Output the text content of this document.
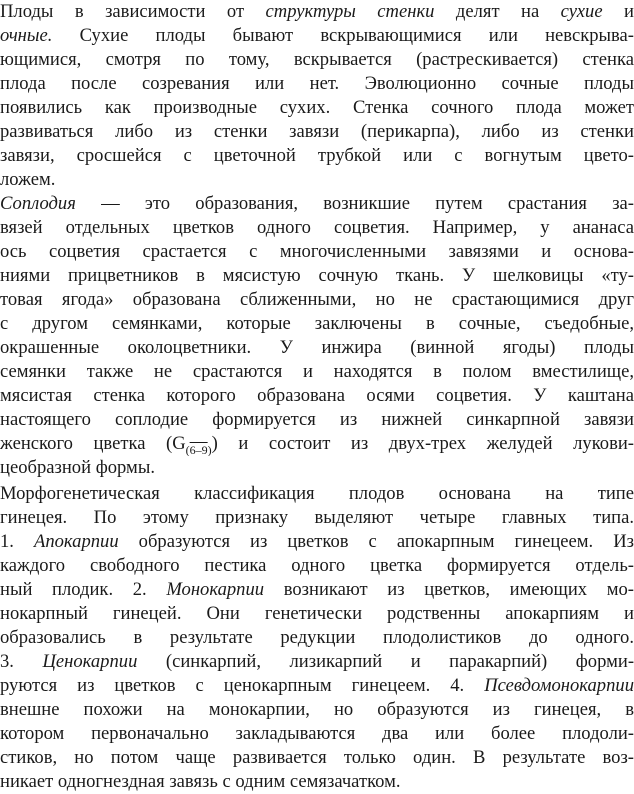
Плоды в зависимости от структуры стенки делят на сухие и
очные. Сухие плоды бывают вскрывающимися или невскрыва-
ющимися, смотря по тому, вскрывается (растрескивается) стенка
плода после созревания или нет. Эволюционно сочные плоды
появились как производные сухих. Стенка сочного плода может
развиваться либо из стенки завязи (перикарпа), либо из стенки
завязи, сросшейся с цветочной трубкой или с вогнутым цвето-
ложем.
Соплодия — это образования, возникшие путем срастания за-
вязей отдельных цветков одного соцветия. Например, у ананаса
ось соцветия срастается с многочисленными завязями и основа-
ниями прицветников в мясистую сочную ткань. У шелковицы «ту-
товая ягода» образована сближенными, но не срастающимися друг
с другом семянками, которые заключены в сочные, съедобные,
окрашенные околоцветники. У инжира (винной ягоды) плоды
семянки также не срастаются и находятся в полом вместилище,
мясистая стенка которого образована осями соцветия. У каштана
настоящего соплодие формируется из нижней синкарпной завязи
женского цветка $(G_{(6-9)})$ и состоит из двух-трех желудей лукови-
цеобразной формы.
Морфогенетическая классификация плодов основана на типе
гинецея. По этому признаку выделяют четыре главных типа.
1. Апокарпии образуются из цветков с апокарпным гинецеем. Из
каждого свободного пестика одного цветка формируется отдель-
ный плодик. 2. Монокарпии возникают из цветков, имеющих мо-
нокарпный гинецей. Они генетически родственны апокарпиям и
образовались в результате редукции плодолистиков до одного.
3. Ценокарпии (синкарпий, лизикарпий и паракарпий) форми-
руются из цветков с ценокарпным гинецеем. 4. Псевдомонокарпии
внешне похожи на монокарпии, но образуются из гинецея, в
котором первоначально закладываются два или более плодоли-
стиков, но потом чаще развивается только один. В результате воз-
никает одногнездная завязь с одним семязачатком.
